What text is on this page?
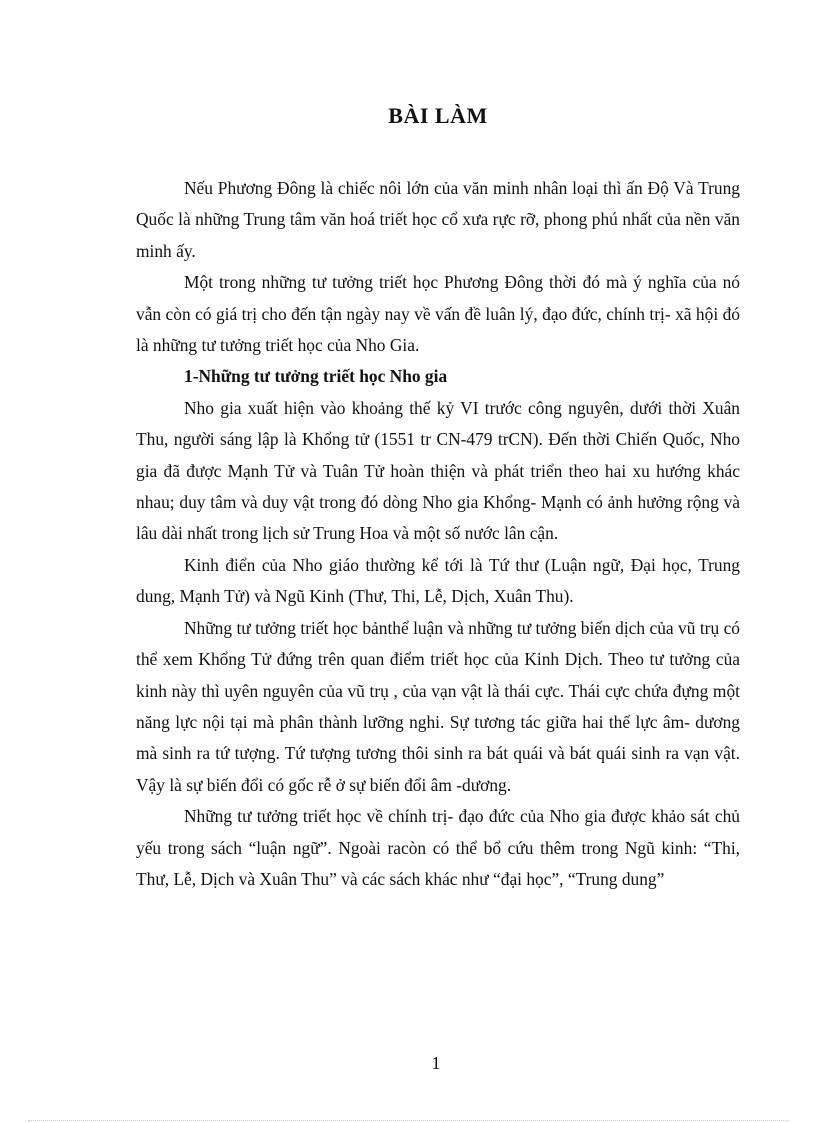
BÀI LÀM

Nếu Phương Đông là chiếc nôi lớn của văn minh nhân loại thì ấn Độ Và Trung Quốc là những Trung tâm văn hoá triết học cổ xưa rực rỡ, phong phú nhất của nền văn minh ấy.

Một trong những tư tưởng triết học Phương Đông thời đó mà ý nghĩa của nó vẫn còn có giá trị cho đến tận ngày nay về vấn đề luân lý, đạo đức, chính trị- xã hội đó là những tư tưởng triết học của Nho Gia.

1-Những tư tưởng triết học Nho gia

Nho gia xuất hiện vào khoảng thế kỷ VI trước công nguyên, dưới thời Xuân Thu, người sáng lập là Khổng tử (1551 tr CN-479 trCN). Đến thời Chiến Quốc, Nho gia đã được Mạnh Tử và Tuân Tử hoàn thiện và phát triển theo hai xu hướng khác nhau; duy tâm và duy vật trong đó dòng Nho gia Khổng- Mạnh có ảnh hưởng rộng và lâu dài nhất trong lịch sử Trung Hoa và một số nước lân cận.

Kinh điển của Nho giáo thường kể tới là Tứ thư (Luận ngữ, Đại học, Trung dung, Mạnh Tử) và Ngũ Kinh (Thư, Thi, Lễ, Dịch, Xuân Thu).

Những tư tưởng triết học bảnthể luận và những tư tưởng biến dịch của vũ trụ có thể xem Khổng Tử đứng trên quan điểm triết học của Kinh Dịch. Theo tư tưởng của kinh này thì uyên nguyên của vũ trụ , của vạn vật là thái cực. Thái cực chứa đựng một năng lực nội tại mà phân thành lưỡng nghi. Sự tương tác giữa hai thế lực âm- dương mà sinh ra tứ tượng. Tứ tượng tương thôi sinh ra bát quái và bát quái sinh ra vạn vật. Vậy là sự biến đổi có gốc rễ ở sự biến đổi âm -dương.

Những tư tưởng triết học về chính trị- đạo đức của Nho gia được khảo sát chủ yếu trong sách “luận ngữ”. Ngoài racòn có thể bổ cứu thêm trong Ngũ kinh: “Thi, Thư, Lễ, Dịch và Xuân Thu” và các sách khác như “đại học”, “Trung dung”

1
